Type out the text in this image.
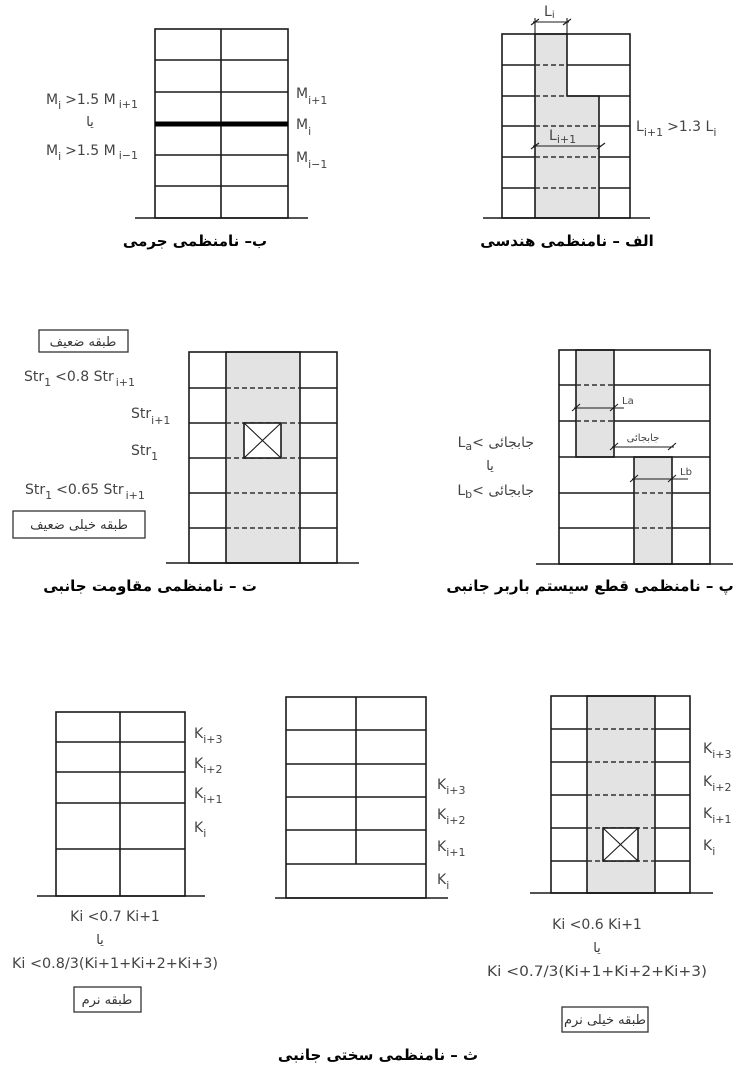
$M_{i+1}$
$M_i$
$M_{i-1}$
$M_i >1.5$ M $_{i+1}$
یا
$M_i >1.5$ M $_{i-1}$
ب– نامنظمی جرمی
Li
$L_{i+1}$
$L_{i+1} >1.3$ $L_i$
الف – نامنظمی هندسی
طبقه ضعیف
Str$_1$ <0.8 Str $_{i+1}$
Str$_{i+1}$
Str$_1$
Str$_1$ <0.65 Str $_{i+1}$
طبقه خیلی ضعیف
ت – نامنظمی مقاومت جانبی
La
جابجائی
Lb
$L_a<$ جابجائی
یا
$L_b<$ جابجائی
پ – نامنظمی قطع سیستم باربر جانبی
$K_{i+3}$
$K_{i+2}$
$K_{i+1}$
$K_i$
Ki <0.7 Ki+1
یا
Ki <0.8/3(Ki+1+Ki+2+Ki+3)
طبقه نرم
$K_{i+3}$
$K_{i+2}$
$K_{i+1}$
$K_i$
$K_{i+3}$
$K_{i+2}$
$K_{i+1}$
$K_i$
Ki <0.6 Ki+1
یا
Ki <0.7/3(Ki+1+Ki+2+Ki+3)
طبقه خیلی نرم
ث – نامنظمی سختی جانبی
